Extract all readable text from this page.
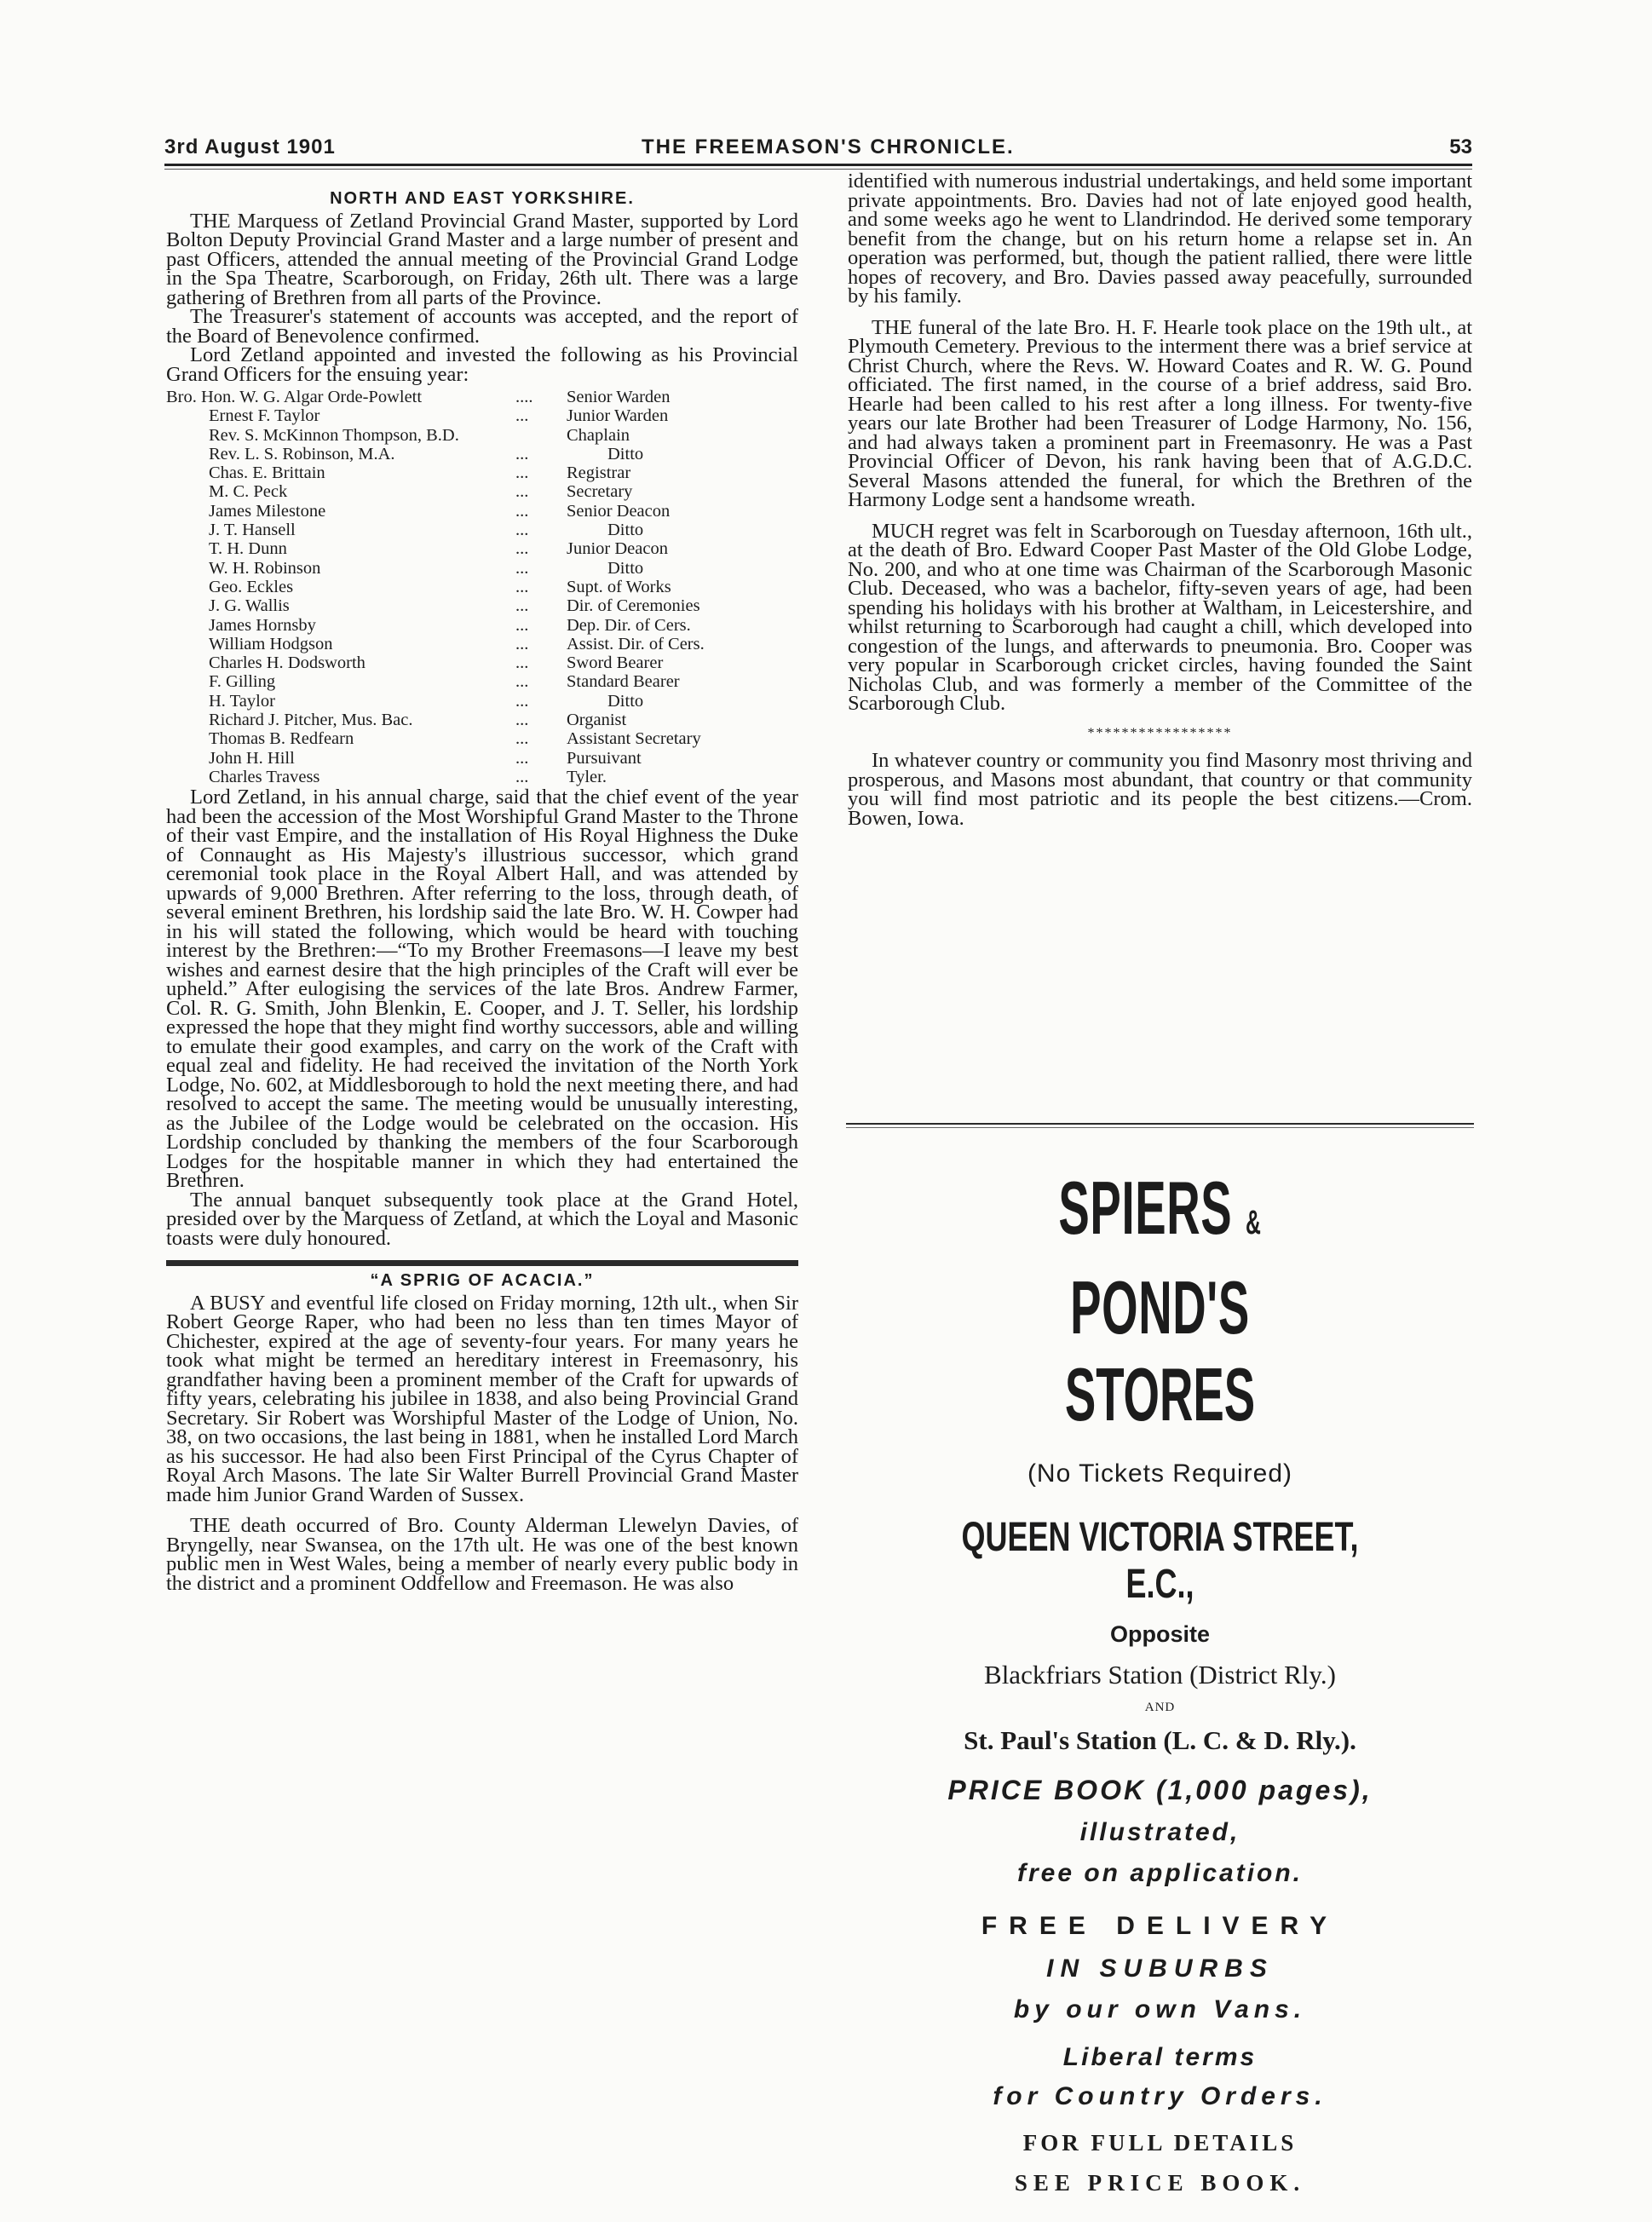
3rd August 1901	THE FREEMASON'S CHRONICLE.	53
NORTH AND EAST YORKSHIRE.

THE Marquess of Zetland Provincial Grand Master, supported by Lord Bolton Deputy Provincial Grand Master and a large number of present and past Officers, attended the annual meeting of the Provincial Grand Lodge in the Spa Theatre, Scarborough, on Friday, 26th ult. There was a large gathering of Brethren from all parts of the Province.

The Treasurer's statement of accounts was accepted, and the report of the Board of Benevolence confirmed.

Lord Zetland appointed and invested the following as his Provincial Grand Officers for the ensuing year:

Bro. Hon. W. G. Algar Orde-Powlett	....	Senior Warden
Ernest F. Taylor	...	Junior Warden
Rev. S. McKinnon Thompson, B.D.	Chaplain
Rev. L. S. Robinson, M.A.	...	Ditto
Chas. E. Brittain	...	Registrar
M. C. Peck	...	Secretary
James Milestone	...	Senior Deacon
J. T. Hansell	...	Ditto
T. H. Dunn	...	Junior Deacon
W. H. Robinson	...	Ditto
Geo. Eckles	...	Supt. of Works
J. G. Wallis	...	Dir. of Ceremonies
James Hornsby	...	Dep. Dir. of Cers.
William Hodgson	...	Assist. Dir. of Cers.
Charles H. Dodsworth	...	Sword Bearer
F. Gilling	...	Standard Bearer
H. Taylor	...	Ditto
Richard J. Pitcher, Mus. Bac.	...	Organist
Thomas B. Redfearn	...	Assistant Secretary
John H. Hill	...	Pursuivant
Charles Travess	...	Tyler.

Lord Zetland, in his annual charge, said that the chief event of the year had been the accession of the Most Worshipful Grand Master to the Throne of their vast Empire, and the installation of His Royal Highness the Duke of Connaught as His Majesty's illustrious successor, which grand ceremonial took place in the Royal Albert Hall, and was attended by upwards of 9,000 Brethren. After referring to the loss, through death, of several eminent Brethren, his lordship said the late Bro. W. H. Cowper had in his will stated the following, which would be heard with touching interest by the Brethren:—“To my Brother Freemasons—I leave my best wishes and earnest desire that the high principles of the Craft will ever be upheld.” After eulogising the services of the late Bros. Andrew Farmer, Col. R. G. Smith, John Blenkin, E. Cooper, and J. T. Seller, his lordship expressed the hope that they might find worthy successors, able and willing to emulate their good examples, and carry on the work of the Craft with equal zeal and fidelity. He had received the invitation of the North York Lodge, No. 602, at Middlesborough to hold the next meeting there, and had resolved to accept the same. The meeting would be unusually interesting, as the Jubilee of the Lodge would be celebrated on the occasion. His Lordship concluded by thanking the members of the four Scarborough Lodges for the hospitable manner in which they had entertained the Brethren.

The annual banquet subsequently took place at the Grand Hotel, presided over by the Marquess of Zetland, at which the Loyal and Masonic toasts were duly honoured.

“A SPRIG OF ACACIA.”

A BUSY and eventful life closed on Friday morning, 12th ult., when Sir Robert George Raper, who had been no less than ten times Mayor of Chichester, expired at the age of seventy-four years. For many years he took what might be termed an hereditary interest in Freemasonry, his grandfather having been a prominent member of the Craft for upwards of fifty years, celebrating his jubilee in 1838, and also being Provincial Grand Secretary. Sir Robert was Worshipful Master of the Lodge of Union, No. 38, on two occasions, the last being in 1881, when he installed Lord March as his successor. He had also been First Principal of the Cyrus Chapter of Royal Arch Masons. The late Sir Walter Burrell Provincial Grand Master made him Junior Grand Warden of Sussex.

THE death occurred of Bro. County Alderman Llewelyn Davies, of Bryngelly, near Swansea, on the 17th ult. He was one of the best known public men in West Wales, being a member of nearly every public body in the district and a prominent Oddfellow and Freemason. He was also

identified with numerous industrial undertakings, and held some important private appointments. Bro. Davies had not of late enjoyed good health, and some weeks ago he went to Llandrindod. He derived some temporary benefit from the change, but on his return home a relapse set in. An operation was performed, but, though the patient rallied, there were little hopes of recovery, and Bro. Davies passed away peacefully, surrounded by his family.

THE funeral of the late Bro. H. F. Hearle took place on the 19th ult., at Plymouth Cemetery. Previous to the interment there was a brief service at Christ Church, where the Revs. W. Howard Coates and R. W. G. Pound officiated. The first named, in the course of a brief address, said Bro. Hearle had been called to his rest after a long illness. For twenty-five years our late Brother had been Treasurer of Lodge Harmony, No. 156, and had always taken a prominent part in Freemasonry. He was a Past Provincial Officer of Devon, his rank having been that of A.G.D.C. Several Masons attended the funeral, for which the Brethren of the Harmony Lodge sent a handsome wreath.

MUCH regret was felt in Scarborough on Tuesday afternoon, 16th ult., at the death of Bro. Edward Cooper Past Master of the Old Globe Lodge, No. 200, and who at one time was Chairman of the Scarborough Masonic Club. Deceased, who was a bachelor, fifty-seven years of age, had been spending his holidays with his brother at Waltham, in Leicestershire, and whilst returning to Scarborough had caught a chill, which developed into congestion of the lungs, and afterwards to pneumonia. Bro. Cooper was very popular in Scarborough cricket circles, having founded the Saint Nicholas Club, and was formerly a member of the Committee of the Scarborough Club.

*****************

In whatever country or community you find Masonry most thriving and prosperous, and Masons most abundant, that country or that community you will find most patriotic and its people the best citizens.—Crom. Bowen, Iowa.

SPIERS & POND'S
STORES
(No Tickets Required)
QUEEN VICTORIA STREET, E.C.,
Opposite
Blackfriars Station (District Rly.)
AND
St. Paul's Station (L. C. & D. Rly.).
PRICE BOOK (1,000 pages),
illustrated,
free on application.
FREE DELIVERY
IN SUBURBS
by our own Vans.
Liberal terms
for Country Orders.
FOR FULL DETAILS
SEE PRICE BOOK.
